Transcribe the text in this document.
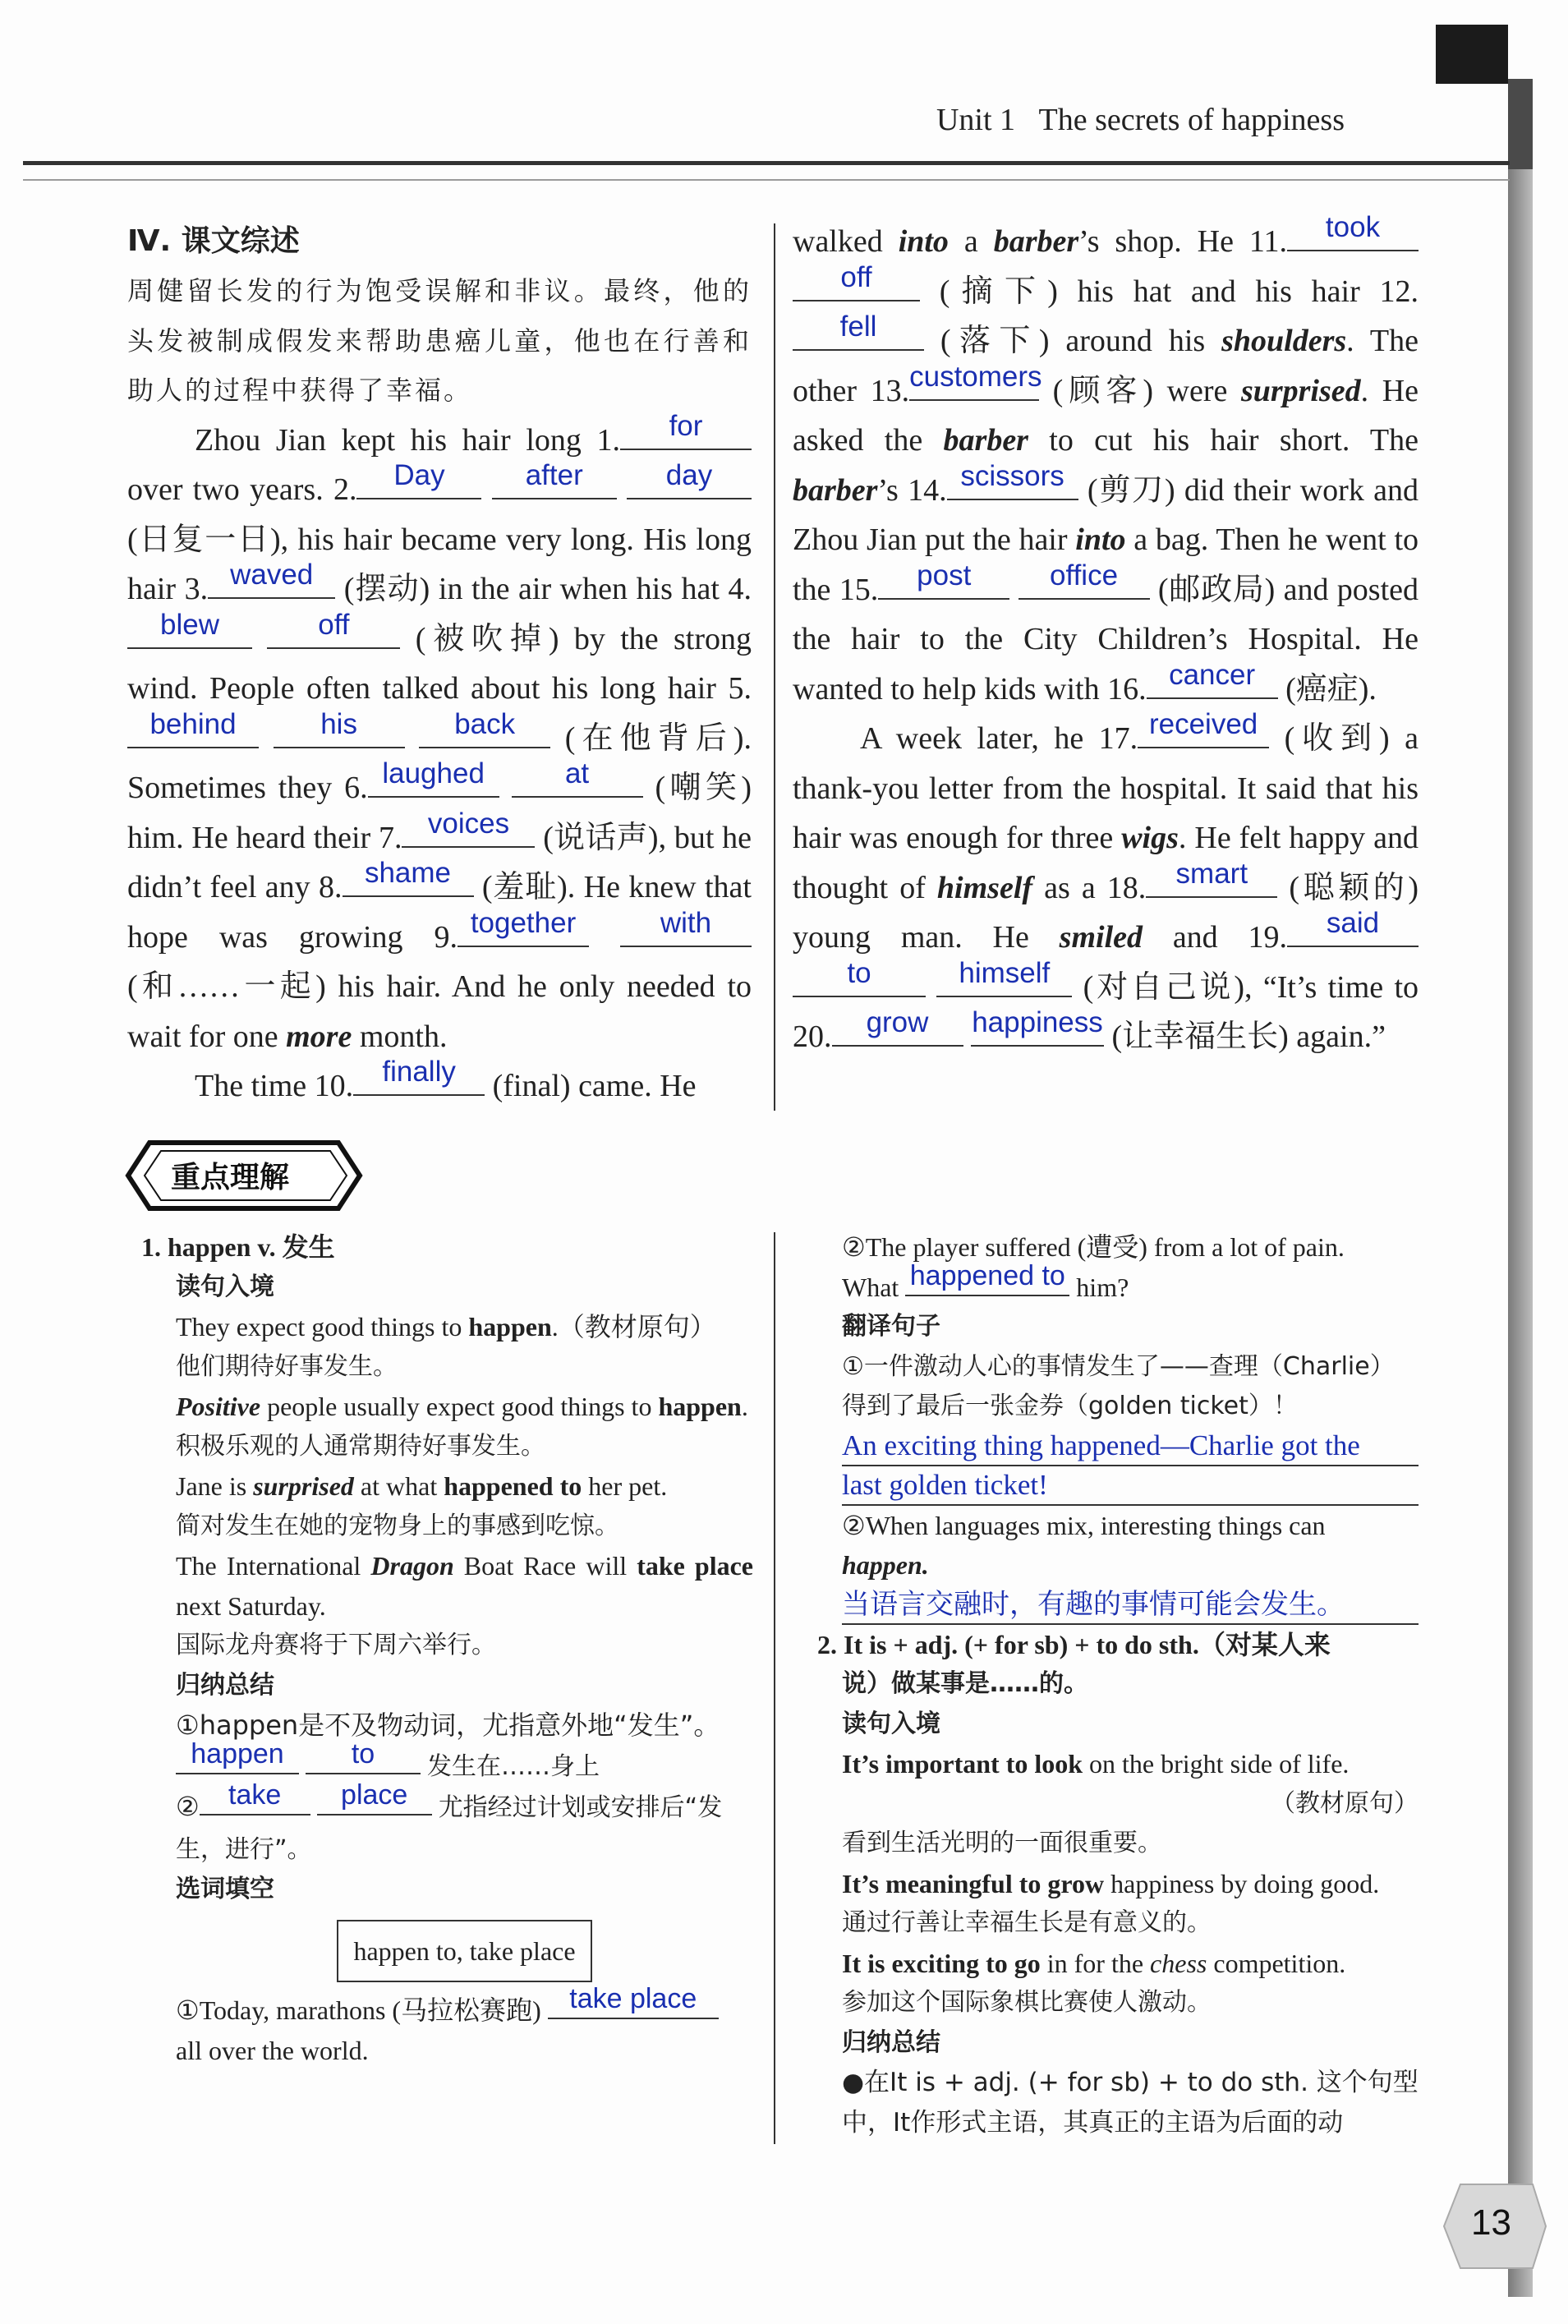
Unit 1 The secrets of happiness

Ⅳ. 课文综述

周健留长发的行为饱受误解和非议。最终，他的头发被制成假发来帮助患癌儿童，他也在行善和助人的过程中获得了幸福。

Zhou Jian kept his hair long 1.	for
over two years. 2.	Day
	after
	day
(日复一日), his hair became very long. His long hair 3. waved (摆动) in the air when his hat 4.
blew
	off	(被吹掉) by the strong wind. People often talked about his long hair 5.
behind
	his
	back	(在他背后). Sometimes they 6. laughed
	at	(嘲笑) him. He heard their 7. voices (说话声), but he didn’t feel any 8. shame (羞耻). He knew that hope was growing 9. together
	with
(和……一起) his hair. And he only needed to wait for one more month.

The time 10.	finally (final) came. He

walked into a barber’s shop. He 11.	took

off	(摘下) his hat and his hair 12.
fell	(落下) around his shoulders. The other 13. customers
(顾客) were surprised. He asked the barber to cut his hair short. The barber’s 14. scissors (剪刀) did their work and Zhou Jian put the hair into a bag. Then he went to the 15.	post
	office	(邮政局) and posted the hair to the City Children’s Hospital. He wanted to help kids with 16. cancer (癌症).

A week later, he 17. received (收到) a thank-you letter from the hospital. It said that his hair was enough for three wigs. He felt happy and thought of himself as a 18.	smart (聪颖的) young man. He smiled and 19.	said

to
	himself (对自己说), “It’s time to 20.	grow
	happiness (让幸福生长) again.”

重点理解

1. happen v. 发生

读句入境

They expect good things to happen.（教材原句）

他们期待好事发生。

Positive people usually expect good things to happen.

积极乐观的人通常期待好事发生。

Jane is surprised at what happened to her pet.

简对发生在她的宠物身上的事感到吃惊。

The International Dragon Boat Race will take place next Saturday.

国际龙舟赛将于下周六举行。

归纳总结

①happen是不及物动词，尤指意外地“发生”。

happen
	to	发生在……身上

②	take
	place	尤指经过计划或安排后“发生，进行”。

选词填空

happen to, take place

①Today, marathons (马拉松赛跑)	take place

all over the world.

②The player suffered (遭受) from a lot of pain.

What happened to him?

翻译句子

①一件激动人心的事情发生了——查理（Charlie）

得到了最后一张金券（golden ticket）！

An exciting thing happened—Charlie got the
last golden ticket!

②When languages mix, interesting things can

happen.

当语言交融时，有趣的事情可能会发生。

2. It is + adj. (+ for sb) + to do sth.（对某人来

说）做某事是……的。

读句入境

It’s important to look on the bright side of life.

（教材原句）

看到生活光明的一面很重要。

It’s meaningful to grow happiness by doing good.

通过行善让幸福生长是有意义的。

It is exciting to go in for the chess competition.

参加这个国际象棋比赛使人激动。

归纳总结

●在It is + adj. (+ for sb) + to do sth. 这个句型

中，It作形式主语，其真正的主语为后面的动

13
